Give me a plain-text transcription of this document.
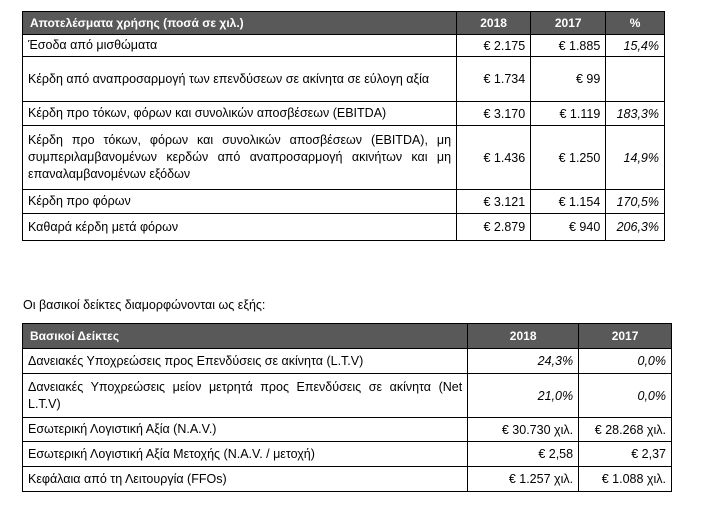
Αποτελέσματα χρήσης (ποσά σε χιλ.)	2018	2017	%
Έσοδα από μισθώματα	€ 2.175	€ 1.885	15,4%
Κέρδη από αναπροσαρμογή των επενδύσεων σε ακίνητα σε εύλογη αξία	€ 1.734	€ 99	
Κέρδη προ τόκων, φόρων και συνολικών αποσβέσεων (EBITDA)	€ 3.170	€ 1.119	183,3%
Κέρδη προ τόκων, φόρων και συνολικών αποσβέσεων (EBITDA), μη συμπεριλαμβανομένων κερδών από αναπροσαρμογή ακινήτων και μη επαναλαμβανομένων εξόδων	€ 1.436	€ 1.250	14,9%
Κέρδη προ φόρων	€ 3.121	€ 1.154	170,5%
Καθαρά κέρδη μετά φόρων	€ 2.879	€ 940	206,3%
Οι βασικοί δείκτες διαμορφώνονται ως εξής:
Βασικοί Δείκτες	2018	2017
Δανειακές Υποχρεώσεις προς Επενδύσεις σε ακίνητα (L.T.V)	24,3%	0,0%
Δανειακές Υποχρεώσεις μείον μετρητά προς Επενδύσεις σε ακίνητα (Net L.T.V)	21,0%	0,0%
Εσωτερική Λογιστική Αξία (N.A.V.)	€ 30.730 χιλ.	€ 28.268 χιλ.
Εσωτερική Λογιστική Αξία Μετοχής (N.A.V. / μετοχή)	€ 2,58	€ 2,37
Κεφάλαια από τη Λειτουργία (FFOs)	€ 1.257 χιλ.	€ 1.088 χιλ.
